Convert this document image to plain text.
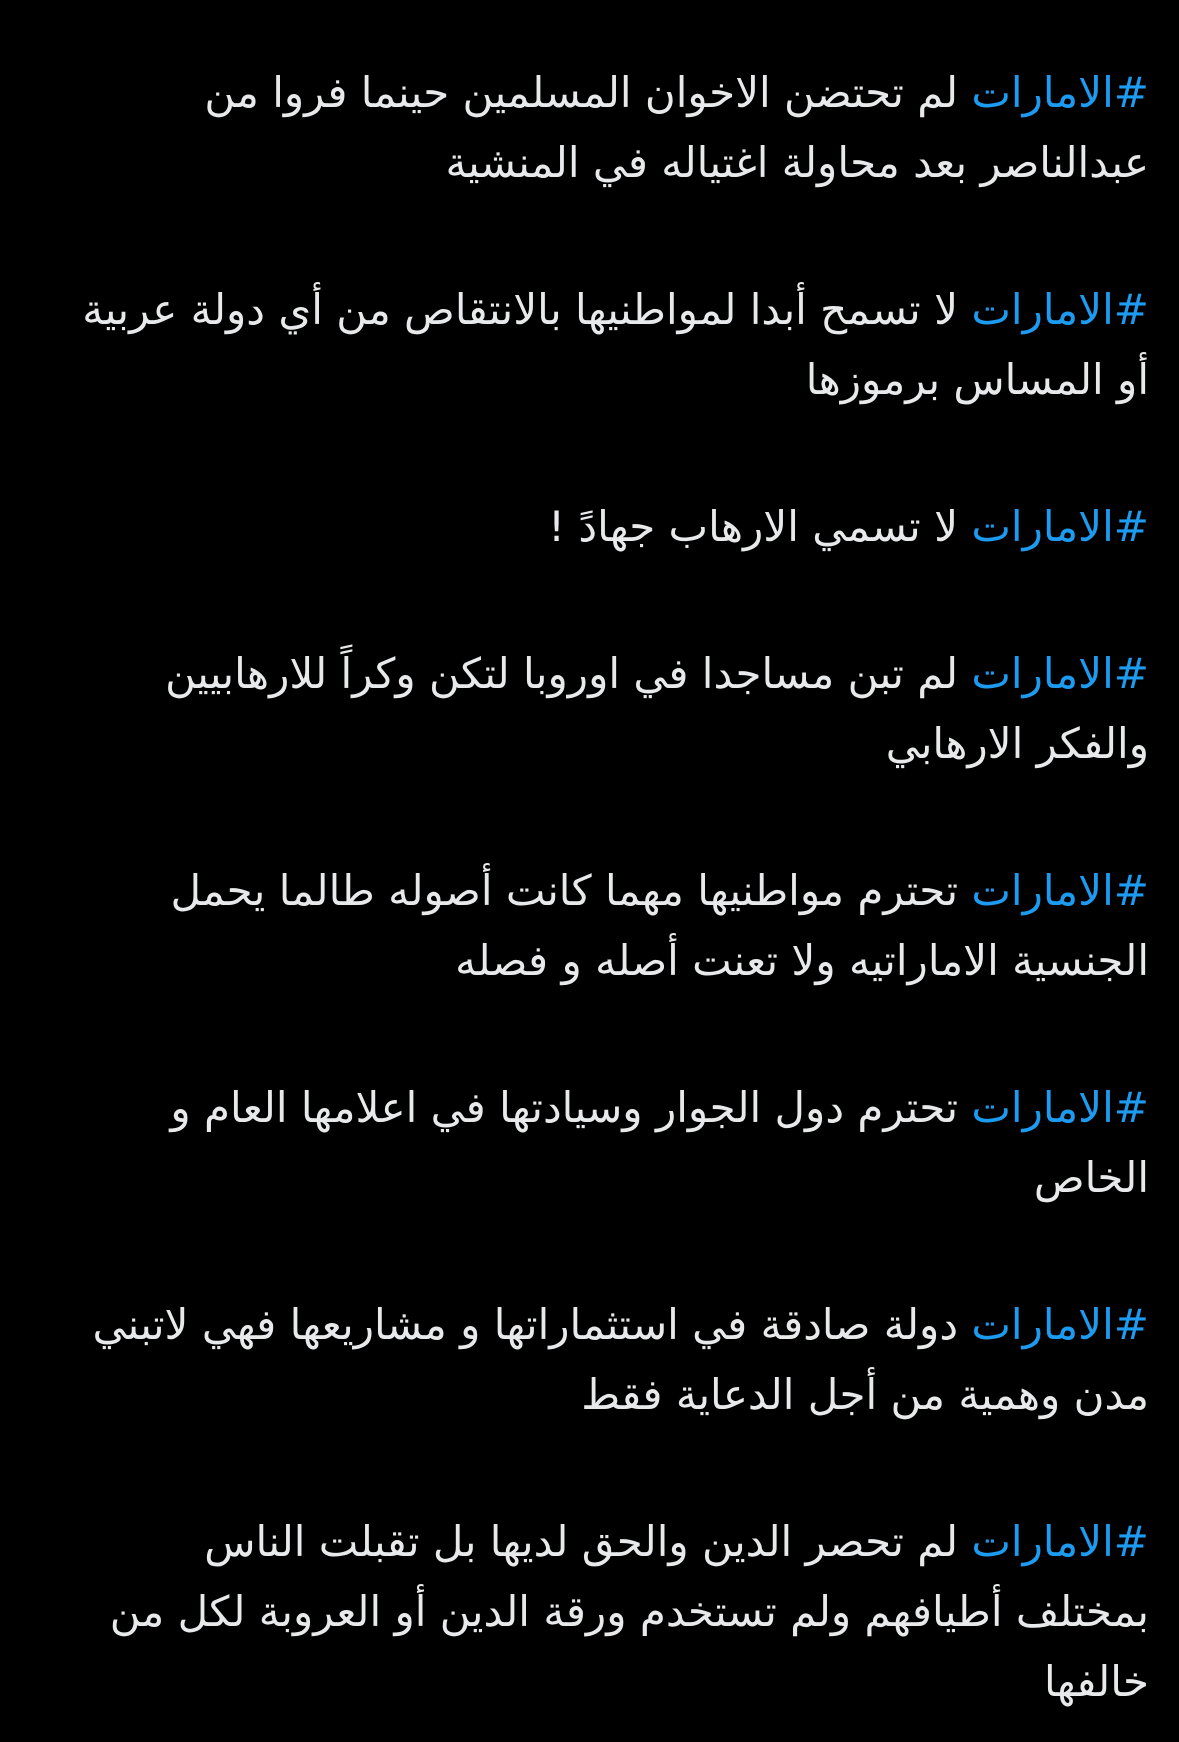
#الامارات لم تحتضن الاخوان المسلمين حينما فروا من عبدالناصر بعد محاولة اغتياله في المنشية

#الامارات لا تسمح أبدا لمواطنيها بالانتقاص من أي دولة عربية أو المساس برموزها

#الامارات لا تسمي الارهاب جهادً !

#الامارات لم تبن مساجدا في اوروبا لتكن وكراً للارهابيين والفكر الارهابي

#الامارات تحترم مواطنيها مهما كانت أصوله طالما يحمل الجنسية الاماراتيه ولا تعنت أصله و فصله

#الامارات تحترم دول الجوار وسيادتها في اعلامها العام و الخاص

#الامارات دولة صادقة في استثماراتها و مشاريعها فهي لاتبني مدن وهمية من أجل الدعاية فقط

#الامارات لم تحصر الدين والحق لديها بل تقبلت الناس بمختلف أطيافهم ولم تستخدم ورقة الدين أو العروبة لكل من خالفها
